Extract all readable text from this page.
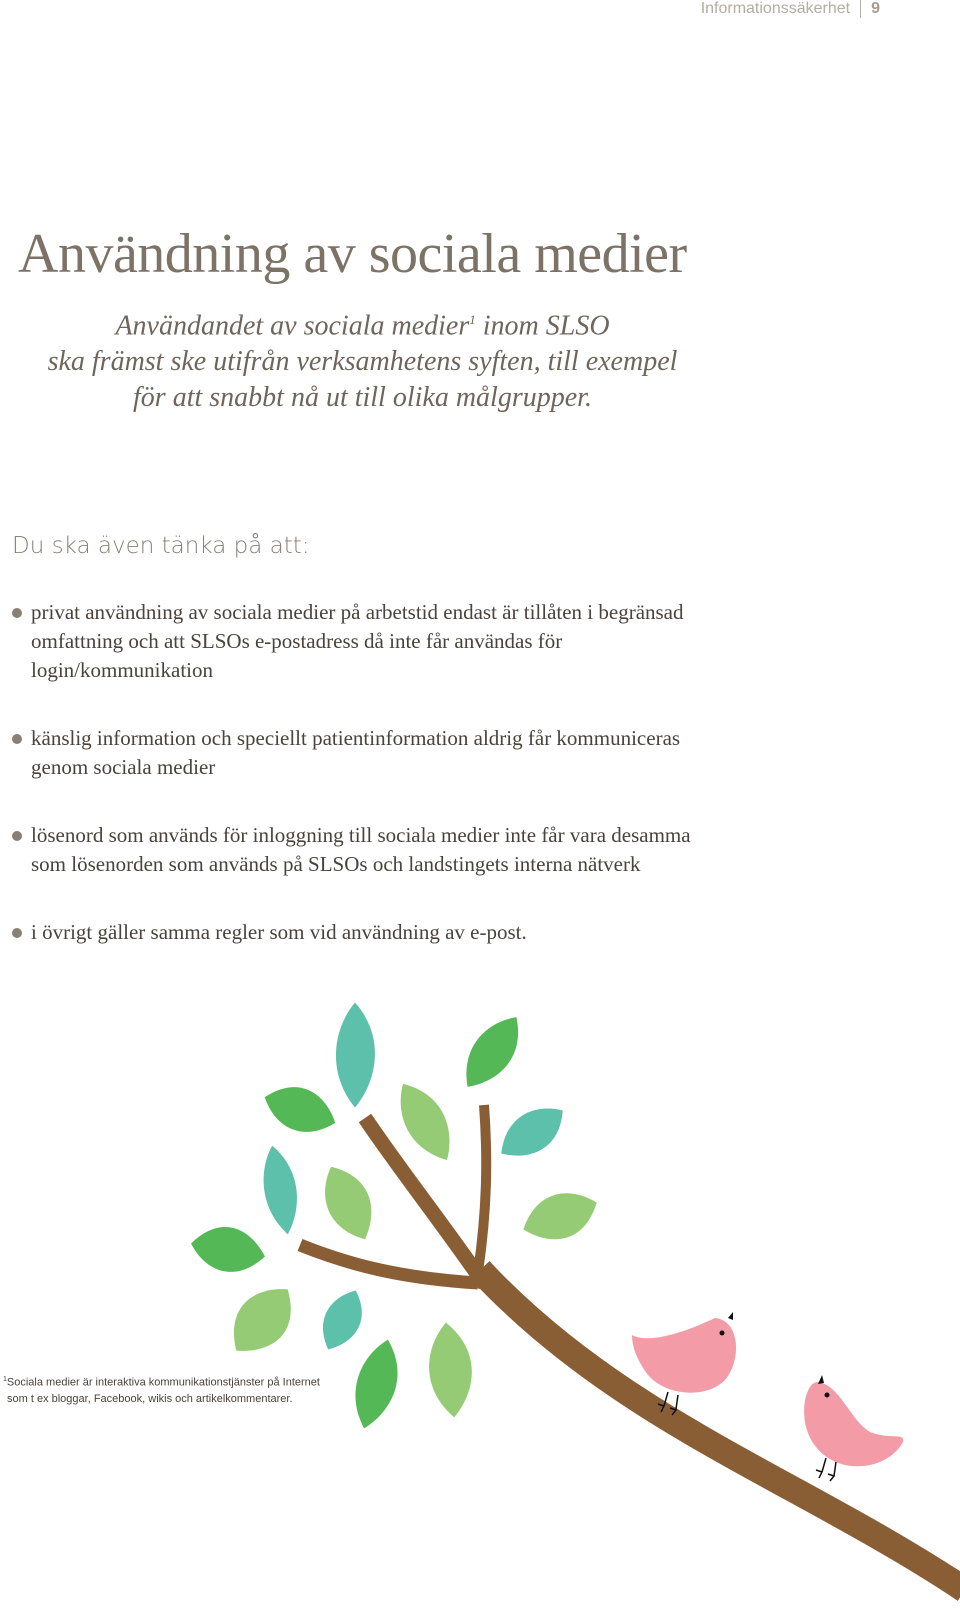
Informationssäkerhet 9
Användning av sociala medier
Användandet av sociala medier$^1$ inom SLSO
ska främst ske utifrån verksamhetens syften, till exempel
för att snabbt nå ut till olika målgrupper.
Du ska även tänka på att:
privat användning av sociala medier på arbetstid endast är tillåten i begränsad omfattning och att SLSOs e-postadress då inte får användas för login/kommunikation
känslig information och speciellt patientinformation aldrig får kommuniceras genom sociala medier
lösenord som används för inloggning till sociala medier inte får vara desamma som lösenorden som används på SLSOs och landstingets interna nätverk
i övrigt gäller samma regler som vid användning av e-post.
$^1$Sociala medier är interaktiva kommunikationstjänster på Internet
som t ex bloggar, Facebook, wikis och artikelkommentarer.
